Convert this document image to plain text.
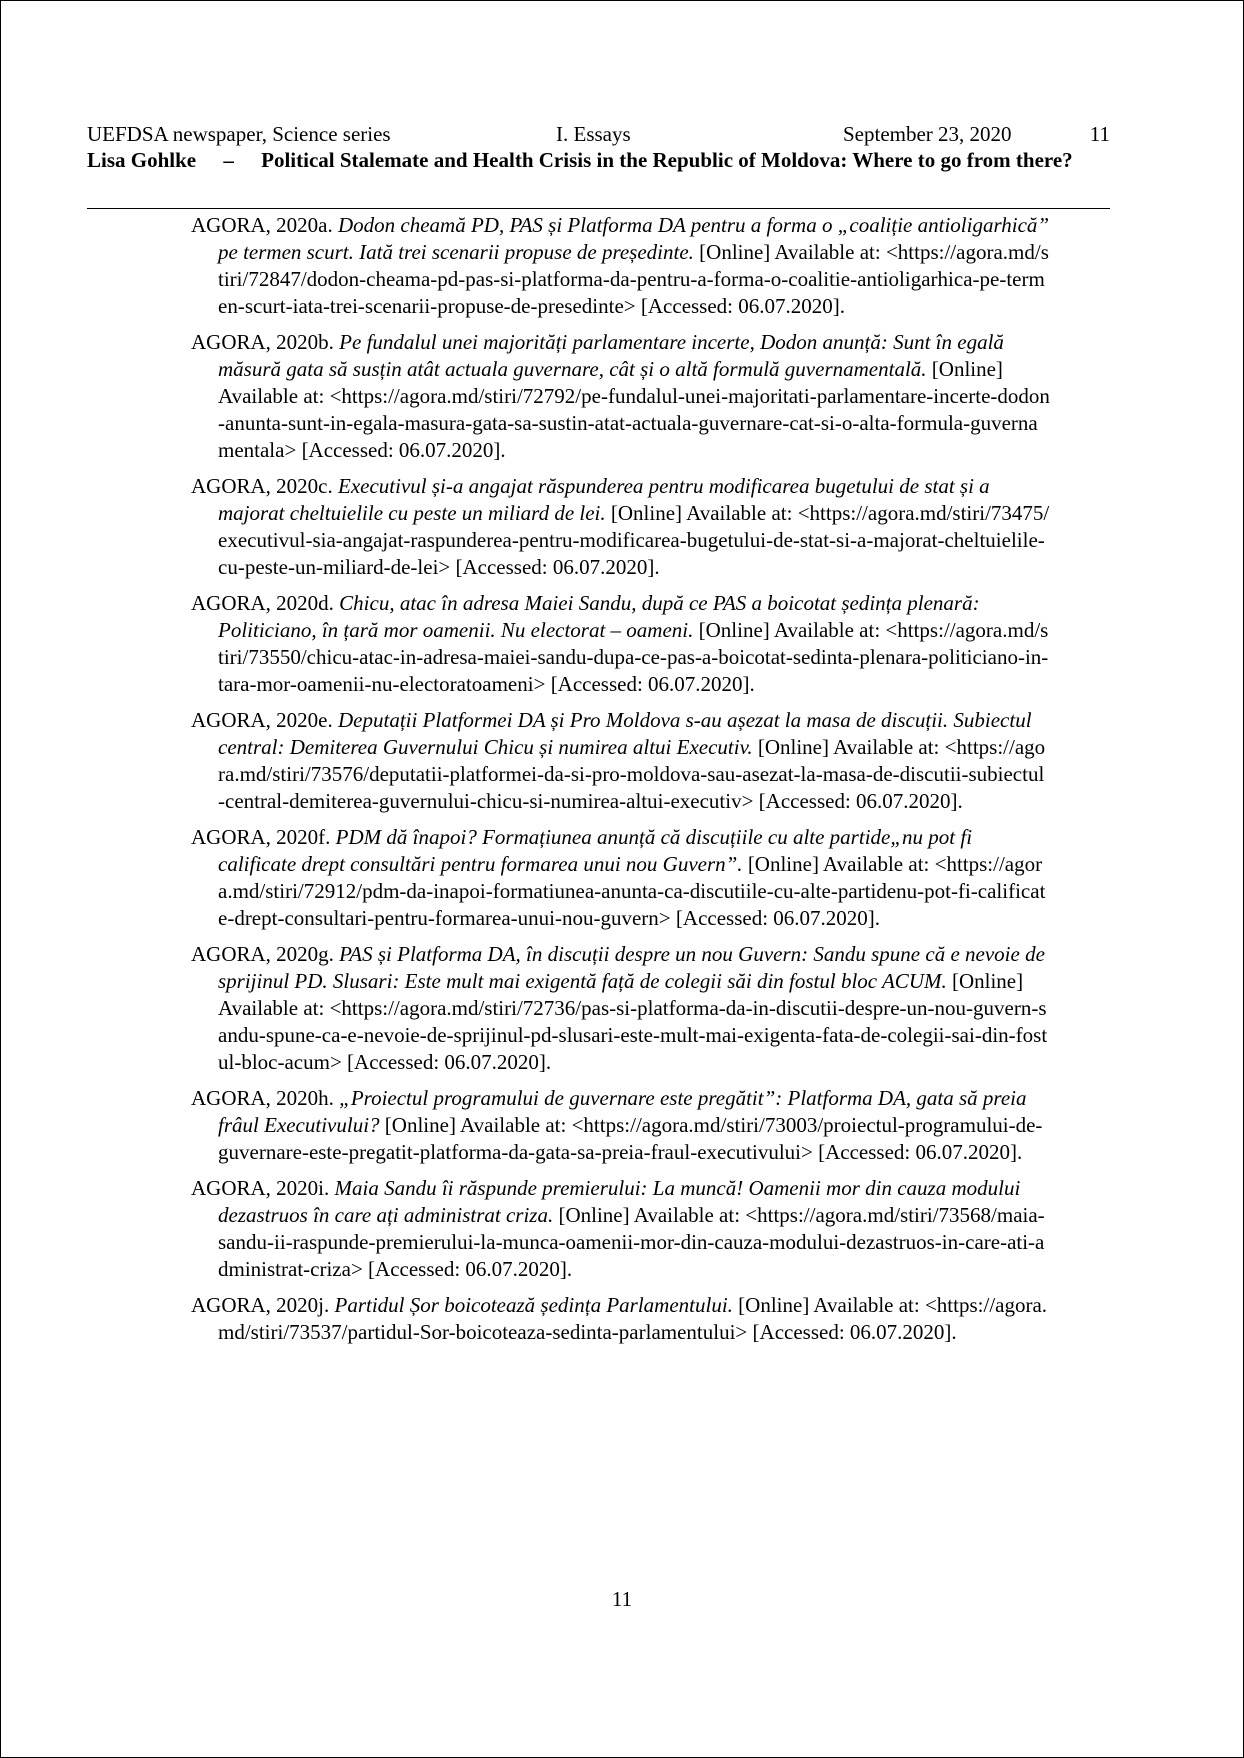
UEFDSA newspaper, Science series	I. Essays	September 23, 2020	11
Lisa Gohlke – Political Stalemate and Health Crisis in the Republic of Moldova: Where to go from there?

AGORA, 2020a. Dodon cheamă PD, PAS și Platforma DA pentru a forma o „coaliție antioligarhică” pe termen scurt. Iată trei scenarii propuse de președinte. [Online] Available at: <https://agora.md/stiri/72847/dodon-cheama-pd-pas-si-platforma-da-pentru-a-forma-o-coalitie-antioligarhica-pe-termen-scurt-iata-trei-scenarii-propuse-de-presedinte> [Accessed: 06.07.2020].

AGORA, 2020b. Pe fundalul unei majorități parlamentare incerte, Dodon anunță: Sunt în egală măsură gata să susțin atât actuala guvernare, cât și o altă formulă guvernamentală. [Online] Available at: <https://agora.md/stiri/72792/pe-fundalul-unei-majoritati-parlamentare-incerte-dodon-anunta-sunt-in-egala-masura-gata-sa-sustin-atat-actuala-guvernare-cat-si-o-alta-formula-guvernamentala> [Accessed: 06.07.2020].

AGORA, 2020c. Executivul și-a angajat răspunderea pentru modificarea bugetului de stat și a majorat cheltuielile cu peste un miliard de lei. [Online] Available at: <https://agora.md/stiri/73475/executivul-sia-angajat-raspunderea-pentru-modificarea-bugetului-de-stat-si-a-majorat-cheltuielile-cu-peste-un-miliard-de-lei> [Accessed: 06.07.2020].

AGORA, 2020d. Chicu, atac în adresa Maiei Sandu, după ce PAS a boicotat ședința plenară: Politiciano, în țară mor oamenii. Nu electorat – oameni. [Online] Available at: <https://agora.md/stiri/73550/chicu-atac-in-adresa-maiei-sandu-dupa-ce-pas-a-boicotat-sedinta-plenara-politiciano-in-tara-mor-oamenii-nu-electoratoameni> [Accessed: 06.07.2020].

AGORA, 2020e. Deputații Platformei DA și Pro Moldova s-au așezat la masa de discuții. Subiectul central: Demiterea Guvernului Chicu și numirea altui Executiv. [Online] Available at: <https://agora.md/stiri/73576/deputatii-platformei-da-si-pro-moldova-sau-asezat-la-masa-de-discutii-subiectul-central-demiterea-guvernului-chicu-si-numirea-altui-executiv> [Accessed: 06.07.2020].

AGORA, 2020f. PDM dă înapoi? Formațiunea anunță că discuțiile cu alte partide„nu pot fi calificate drept consultări pentru formarea unui nou Guvern”. [Online] Available at: <https://agora.md/stiri/72912/pdm-da-inapoi-formatiunea-anunta-ca-discutiile-cu-alte-partidenu-pot-fi-calificate-drept-consultari-pentru-formarea-unui-nou-guvern> [Accessed: 06.07.2020].

AGORA, 2020g. PAS și Platforma DA, în discuții despre un nou Guvern: Sandu spune că e nevoie de sprijinul PD. Slusari: Este mult mai exigentă față de colegii săi din fostul bloc ACUM. [Online] Available at: <https://agora.md/stiri/72736/pas-si-platforma-da-in-discutii-despre-un-nou-guvern-sandu-spune-ca-e-nevoie-de-sprijinul-pd-slusari-este-mult-mai-exigenta-fata-de-colegii-sai-din-fostul-bloc-acum> [Accessed: 06.07.2020].

AGORA, 2020h. „Proiectul programului de guvernare este pregătit”: Platforma DA, gata să preia frâul Executivului? [Online] Available at: <https://agora.md/stiri/73003/proiectul-programului-de-guvernare-este-pregatit-platforma-da-gata-sa-preia-fraul-executivului> [Accessed: 06.07.2020].

AGORA, 2020i. Maia Sandu îi răspunde premierului: La muncă! Oamenii mor din cauza modului dezastruos în care ați administrat criza. [Online] Available at: <https://agora.md/stiri/73568/maia-sandu-ii-raspunde-premierului-la-munca-oamenii-mor-din-cauza-modului-dezastruos-in-care-ati-administrat-criza> [Accessed: 06.07.2020].

AGORA, 2020j. Partidul Șor boicotează ședința Parlamentului. [Online] Available at: <https://agora.md/stiri/73537/partidul-Sor-boicoteaza-sedinta-parlamentului> [Accessed: 06.07.2020].

11
